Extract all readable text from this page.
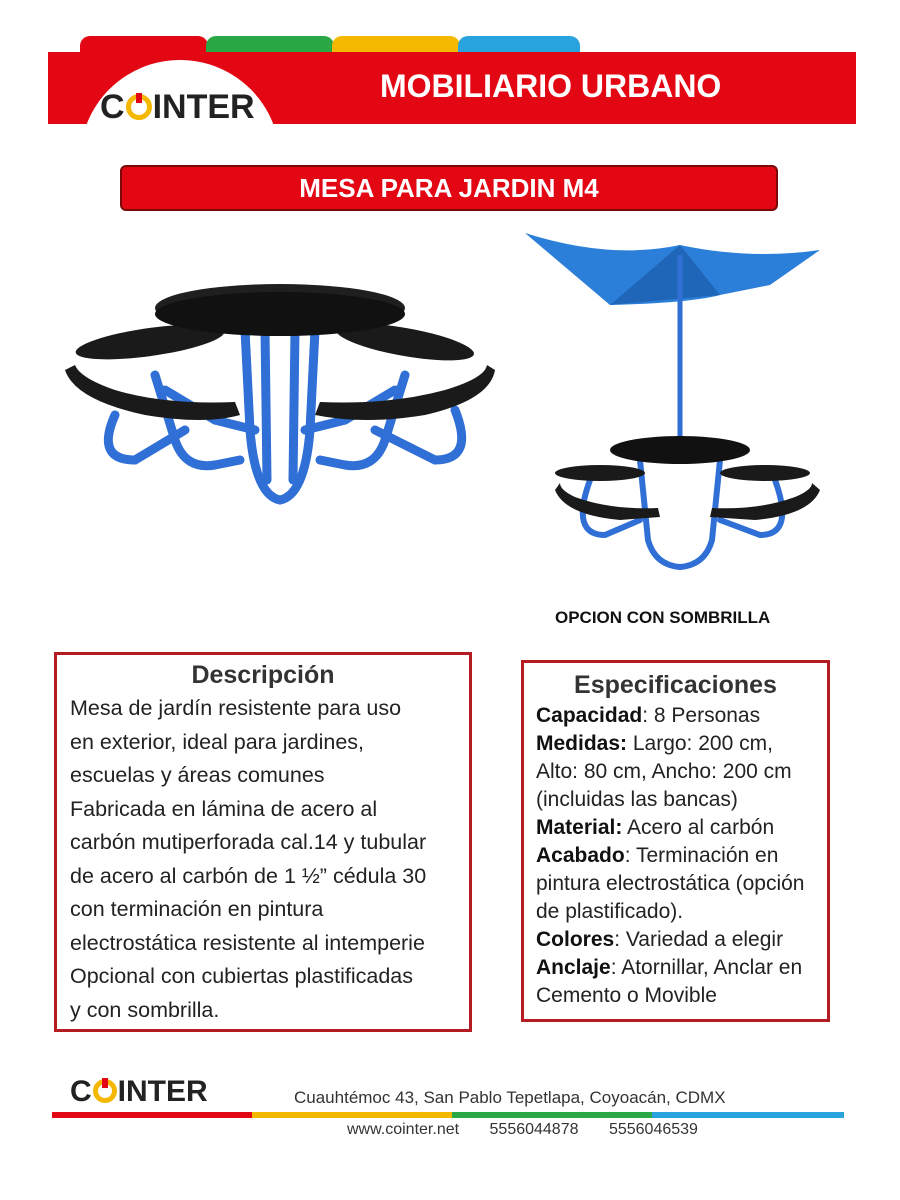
C INTER
MOBILIARIO URBANO
MESA PARA JARDIN M4
OPCION CON SOMBRILLA
Descripción
Mesa de jardín resistente para uso
en exterior, ideal para jardines,
escuelas y áreas comunes
Fabricada en lámina de acero al
carbón mutiperforada cal.14 y tubular
de acero al carbón de 1 ½” cédula 30
con terminación en pintura
electrostática resistente al intemperie
Opcional con cubiertas plastificadas
y con sombrilla.
Especificaciones
Capacidad: 8 Personas
Medidas: Largo: 200 cm, Alto: 80 cm, Ancho: 200 cm (incluidas las bancas)
Material: Acero al carbón
Acabado: Terminación en pintura electrostática (opción de plastificado).
Colores: Variedad a elegir
Anclaje: Atornillar, Anclar en Cemento o Movible
C INTER	Cuauhtémoc 43, San Pablo Tepetlapa, Coyoacán, CDMX
www.cointer.net 5556044878 5556046539
